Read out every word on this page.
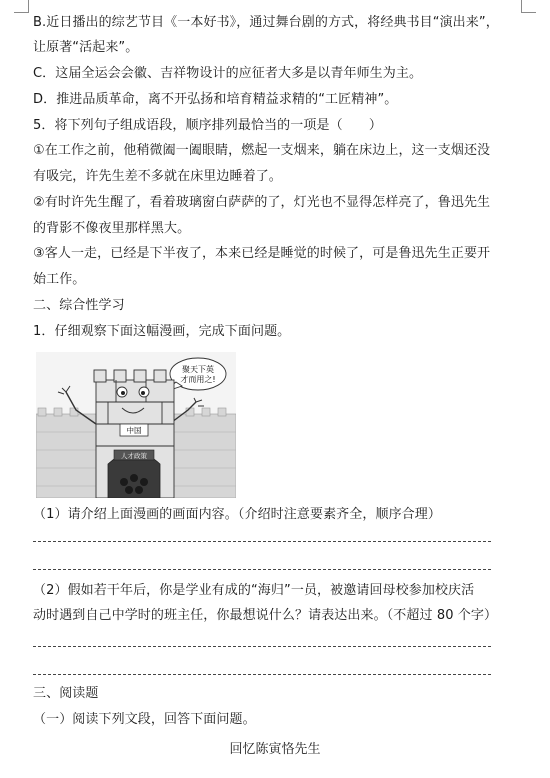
B.近日播出的综艺节目《一本好书》，通过舞台剧的方式，将经典书目“演出来”，
让原著“活起来”。
C．这届全运会会徽、吉祥物设计的应征者大多是以青年师生为主。
D．推进品质革命，离不开弘扬和培育精益求精的“工匠精神”。
5．将下列句子组成语段，顺序排列最恰当的一项是（　　）
①在工作之前，他稍微阖一阖眼睛，燃起一支烟来，躺在床边上，这一支烟还没
有吸完，许先生差不多就在床里边睡着了。
②有时许先生醒了，看着玻璃窗白萨萨的了，灯光也不显得怎样亮了，鲁迅先生
的背影不像夜里那样黑大。
③客人一走，已经是下半夜了，本来已经是睡觉的时候了，可是鲁迅先生正要开
始工作。
二、综合性学习
1．仔细观察下面这幅漫画，完成下面问题。
聚天下英
才而用之!
中国
人才政策
（1）请介绍上面漫画的画面内容。（介绍时注意要素齐全，顺序合理）
（2）假如若干年后，你是学业有成的“海归”一员，被邀请回母校参加校庆活
动时遇到自己中学时的班主任，你最想说什么？请表达出来。（不超过 80 个字）
三、阅读题
（一）阅读下列文段，回答下面问题。
回忆陈寅恪先生
